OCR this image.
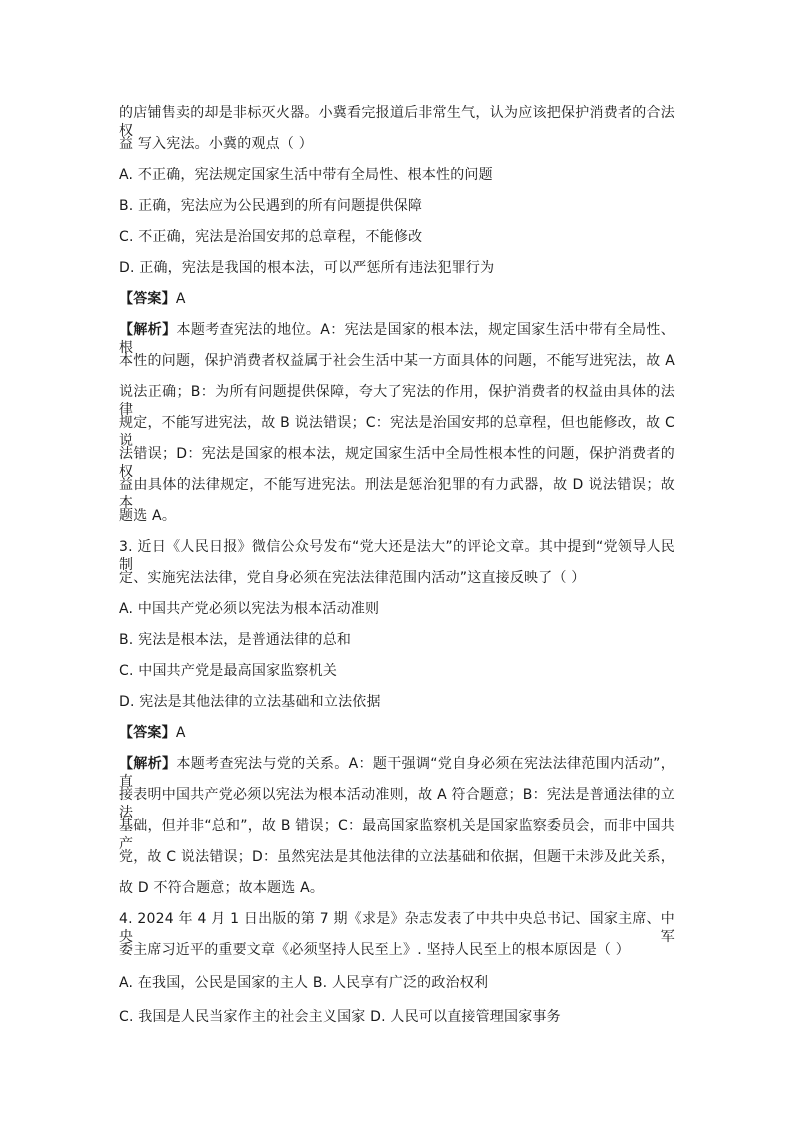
的店铺售卖的却是非标灭火器。小冀看完报道后非常生气，认为应该把保护消费者的合法权
益 写入宪法。小冀的观点（ ）
A. 不正确，宪法规定国家生活中带有全局性、根本性的问题
B. 正确，宪法应为公民遇到的所有问题提供保障
C. 不正确，宪法是治国安邦的总章程，不能修改
D. 正确，宪法是我国的根本法，可以严惩所有违法犯罪行为
【答案】A
【解析】本题考查宪法的地位。A：宪法是国家的根本法，规定国家生活中带有全局性、根
本性的问题，保护消费者权益属于社会生活中某一方面具体的问题，不能写进宪法，故 A
说法正确；B：为所有问题提供保障，夸大了宪法的作用，保护消费者的权益由具体的法律
规定，不能写进宪法，故 B 说法错误；C：宪法是治国安邦的总章程，但也能修改，故 C 说
法错误；D：宪法是国家的根本法，规定国家生活中全局性根本性的问题，保护消费者的权
益由具体的法律规定，不能写进宪法。刑法是惩治犯罪的有力武器，故 D 说法错误；故本
题选 A。
3. 近日《人民日报》微信公众号发布“党大还是法大”的评论文章。其中提到“党领导人民制
定、实施宪法法律，党自身必须在宪法法律范围内活动”这直接反映了（ ）
A. 中国共产党必须以宪法为根本活动准则
B. 宪法是根本法，是普通法律的总和
C. 中国共产党是最高国家监察机关
D. 宪法是其他法律的立法基础和立法依据
【答案】A
【解析】本题考查宪法与党的关系。A：题干强调“党自身必须在宪法法律范围内活动”，直
接表明中国共产党必须以宪法为根本活动准则，故 A 符合题意；B：宪法是普通法律的立法
基础，但并非“总和”，故 B 错误；C：最高国家监察机关是国家监察委员会，而非中国共产
党，故 C 说法错误；D：虽然宪法是其他法律的立法基础和依据，但题干未涉及此关系，
故 D 不符合题意；故本题选 A。
4. 2024 年 4 月 1 日出版的第 7 期《求是》杂志发表了中共中央总书记、国家主席、中央军
委主席习近平的重要文章《必须坚持人民至上》. 坚持人民至上的根本原因是（ ）
A. 在我国，公民是国家的主人 B. 人民享有广泛的政治权利
C. 我国是人民当家作主的社会主义国家 D. 人民可以直接管理国家事务
